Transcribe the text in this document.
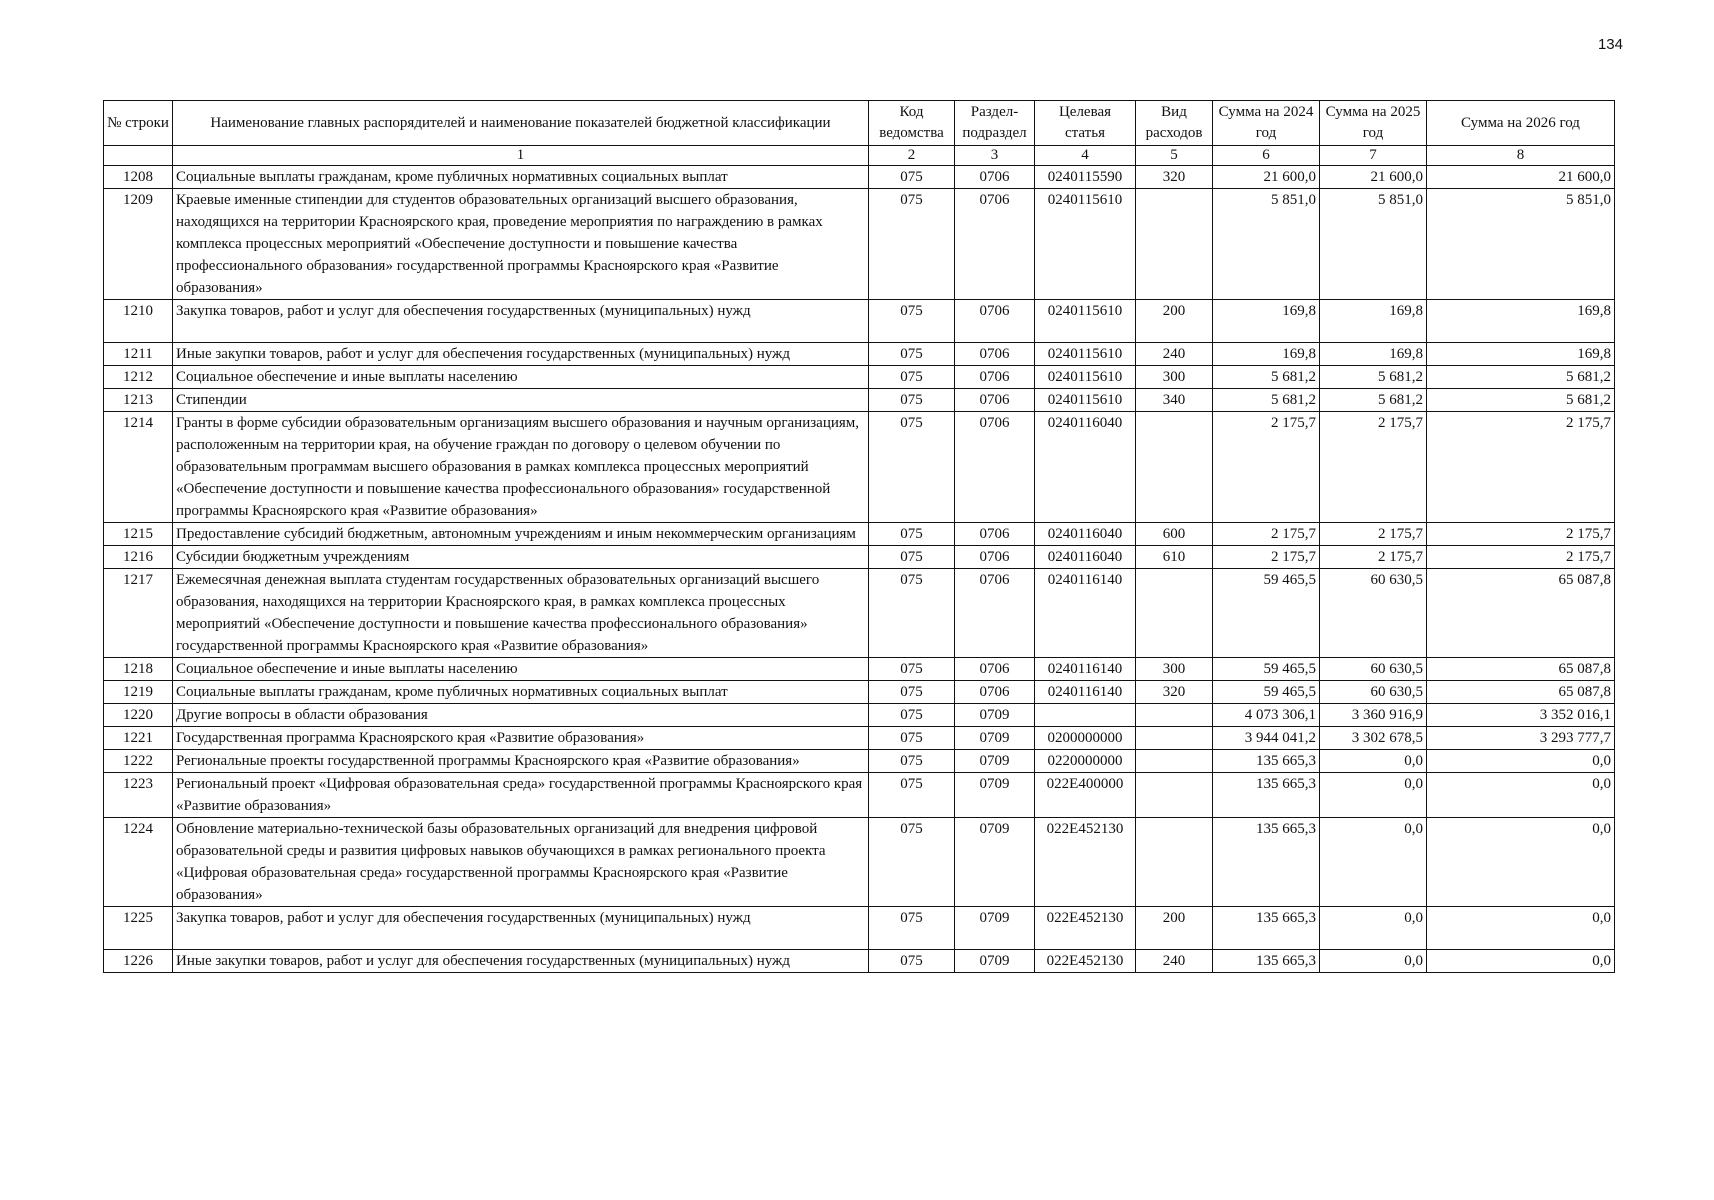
134
№ строки	Наименование главных распорядителей и наименование показателей бюджетной классификации	Код ведомства	Раздел-подраздел	Целевая статья	Вид расходов	Сумма на 2024 год	Сумма на 2025 год	Сумма на 2026 год
	1	2	3	4	5	6	7	8
1208	Социальные выплаты гражданам, кроме публичных нормативных социальных выплат	075	0706	0240115590	320	21 600,0	21 600,0	21 600,0
1209	Краевые именные стипендии для студентов образовательных организаций высшего образования, находящихся на территории Красноярского края, проведение мероприятия по награждению в рамках комплекса процессных мероприятий «Обеспечение доступности и повышение качества профессионального образования» государственной программы Красноярского края «Развитие образования»	075	0706	0240115610		5 851,0	5 851,0	5 851,0
1210	Закупка товаров, работ и услуг для обеспечения государственных (муниципальных) нужд	075	0706	0240115610	200	169,8	169,8	169,8
1211	Иные закупки товаров, работ и услуг для обеспечения государственных (муниципальных) нужд	075	0706	0240115610	240	169,8	169,8	169,8
1212	Социальное обеспечение и иные выплаты населению	075	0706	0240115610	300	5 681,2	5 681,2	5 681,2
1213	Стипендии	075	0706	0240115610	340	5 681,2	5 681,2	5 681,2
1214	Гранты в форме субсидии образовательным организациям высшего образования и научным организациям, расположенным на территории края, на обучение граждан по договору о целевом обучении по образовательным программам высшего образования в рамках комплекса процессных мероприятий «Обеспечение доступности и повышение качества профессионального образования» государственной программы Красноярского края «Развитие образования»	075	0706	0240116040		2 175,7	2 175,7	2 175,7
1215	Предоставление субсидий бюджетным, автономным учреждениям и иным некоммерческим организациям	075	0706	0240116040	600	2 175,7	2 175,7	2 175,7
1216	Субсидии бюджетным учреждениям	075	0706	0240116040	610	2 175,7	2 175,7	2 175,7
1217	Ежемесячная денежная выплата студентам государственных образовательных организаций высшего образования, находящихся на территории Красноярского края, в рамках комплекса процессных мероприятий «Обеспечение доступности и повышение качества профессионального образования» государственной программы Красноярского края «Развитие образования»	075	0706	0240116140		59 465,5	60 630,5	65 087,8
1218	Социальное обеспечение и иные выплаты населению	075	0706	0240116140	300	59 465,5	60 630,5	65 087,8
1219	Социальные выплаты гражданам, кроме публичных нормативных социальных выплат	075	0706	0240116140	320	59 465,5	60 630,5	65 087,8
1220	Другие вопросы в области образования	075	0709			4 073 306,1	3 360 916,9	3 352 016,1
1221	Государственная программа Красноярского края «Развитие образования»	075	0709	0200000000		3 944 041,2	3 302 678,5	3 293 777,7
1222	Региональные проекты государственной программы Красноярского края «Развитие образования»	075	0709	0220000000		135 665,3	0,0	0,0
1223	Региональный проект «Цифровая образовательная среда» государственной программы Красноярского края «Развитие образования»	075	0709	022E400000		135 665,3	0,0	0,0
1224	Обновление материально-технической базы образовательных организаций для внедрения цифровой образовательной среды и развития цифровых навыков обучающихся в рамках регионального проекта «Цифровая образовательная среда» государственной программы Красноярского края «Развитие образования»	075	0709	022E452130		135 665,3	0,0	0,0
1225	Закупка товаров, работ и услуг для обеспечения государственных (муниципальных) нужд	075	0709	022E452130	200	135 665,3	0,0	0,0
1226	Иные закупки товаров, работ и услуг для обеспечения государственных (муниципальных) нужд	075	0709	022E452130	240	135 665,3	0,0	0,0
